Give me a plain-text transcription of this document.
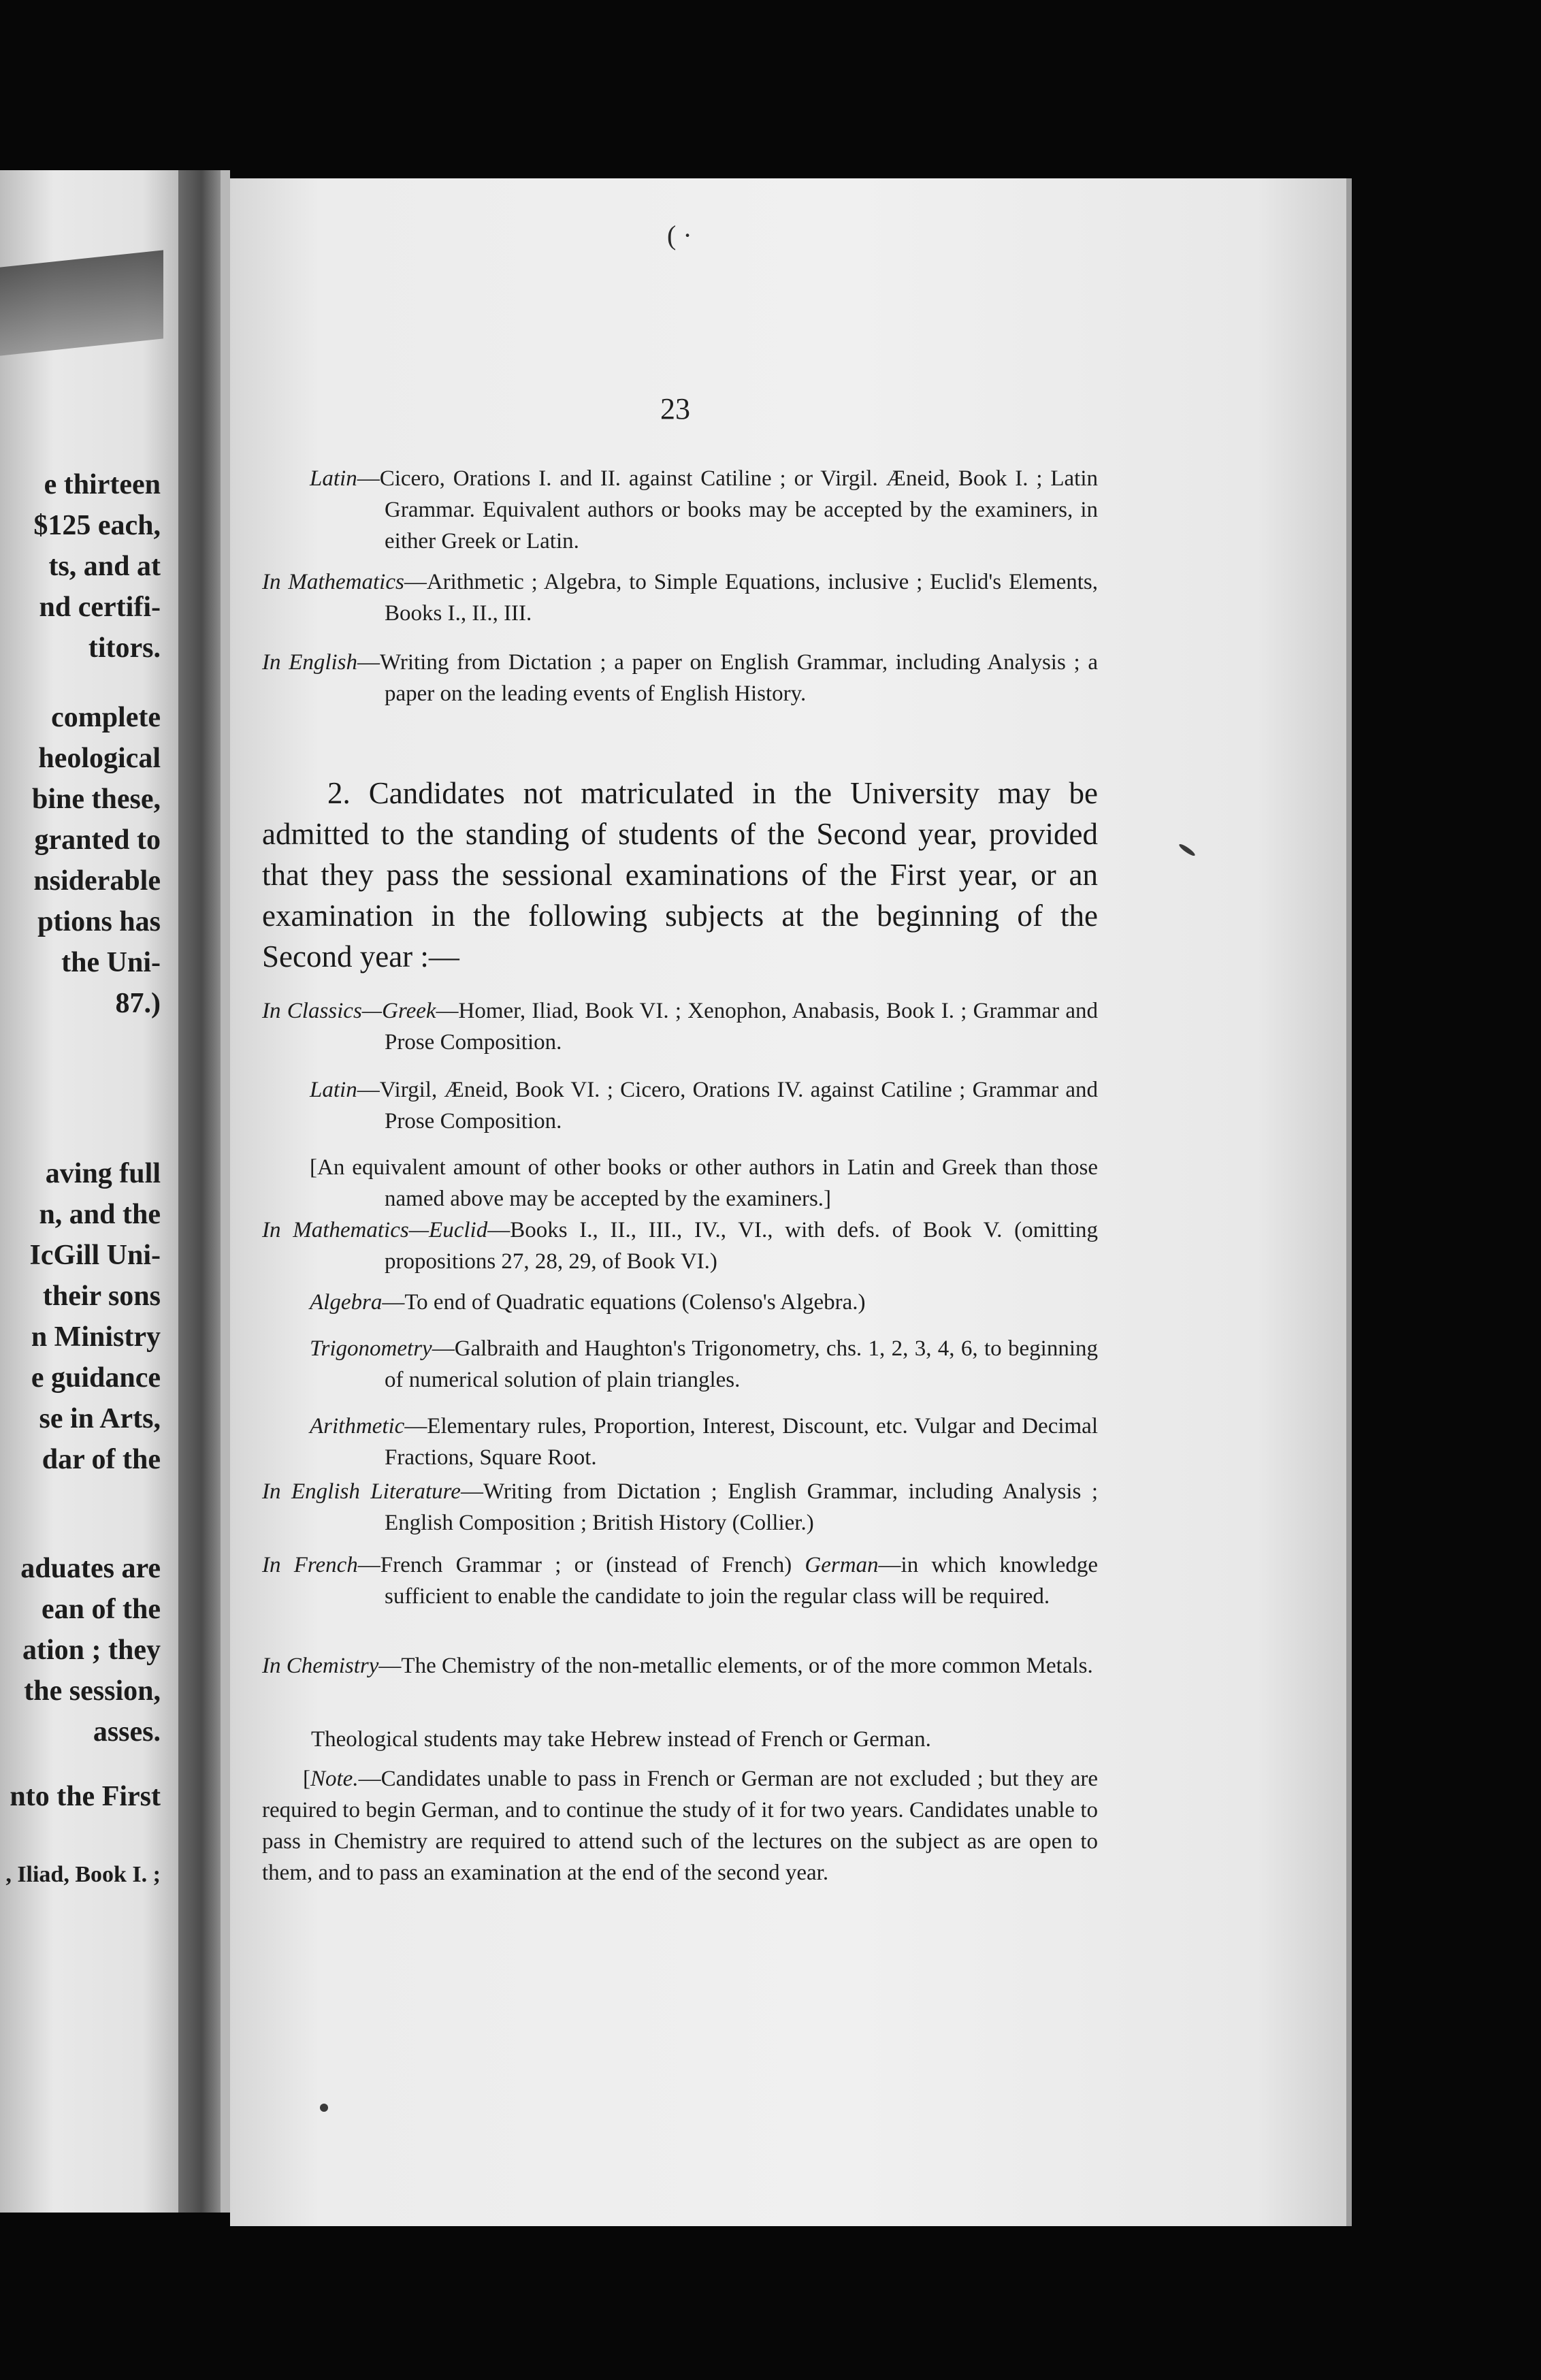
e thirteen
$125 each,
ts, and at
nd certifi-
titors.
complete
heological
bine these,
granted to
nsiderable
ptions has
the Uni-
87.)
aving full
n, and the
IcGill Uni-
their sons
n Ministry
e guidance
se in Arts,
dar of the
aduates are
ean of the
ation ; they
the session,
asses.
nto the First
, Iliad, Book I. ;
( ·
23
Latin—Cicero, Orations I. and II. against Catiline ; or Virgil. Æneid, Book I. ; Latin Grammar. Equivalent authors or books may be accepted by the examiners, in either Greek or Latin.
In Mathematics—Arithmetic ; Algebra, to Simple Equations, inclusive ; Euclid's Elements, Books I., II., III.
In English—Writing from Dictation ; a paper on English Grammar, including Analysis ; a paper on the leading events of English History.

2. Candidates not matriculated in the University may be admitted to the standing of students of the Second year, provided that they pass the sessional examinations of the First year, or an examination in the following subjects at the beginning of the Second year :—

In Classics—Greek—Homer, Iliad, Book VI. ; Xenophon, Anabasis, Book I. ; Grammar and Prose Composition.
Latin—Virgil, Æneid, Book VI. ; Cicero, Orations IV. against Catiline ; Grammar and Prose Composition.
[An equivalent amount of other books or other authors in Latin and Greek than those named above may be accepted by the examiners.]
In Mathematics—Euclid—Books I., II., III., IV., VI., with defs. of Book V. (omitting propositions 27, 28, 29, of Book VI.)
Algebra—To end of Quadratic equations (Colenso's Algebra.)
Trigonometry—Galbraith and Haughton's Trigonometry, chs. 1, 2, 3, 4, 6, to beginning of numerical solution of plain triangles.
Arithmetic—Elementary rules, Proportion, Interest, Discount, etc. Vulgar and Decimal Fractions, Square Root.
In English Literature—Writing from Dictation ; English Grammar, including Analysis ; English Composition ; British History (Collier.)
In French—French Grammar ; or (instead of French) German—in which knowledge sufficient to enable the candidate to join the regular class will be required.
In Chemistry—The Chemistry of the non-metallic elements, or of the more common Metals.
Theological students may take Hebrew instead of French or German.
[Note.—Candidates unable to pass in French or German are not excluded ; but they are required to begin German, and to continue the study of it for two years. Candidates unable to pass in Chemistry are required to attend such of the lectures on the subject as are open to them, and to pass an examination at the end of the second year.
